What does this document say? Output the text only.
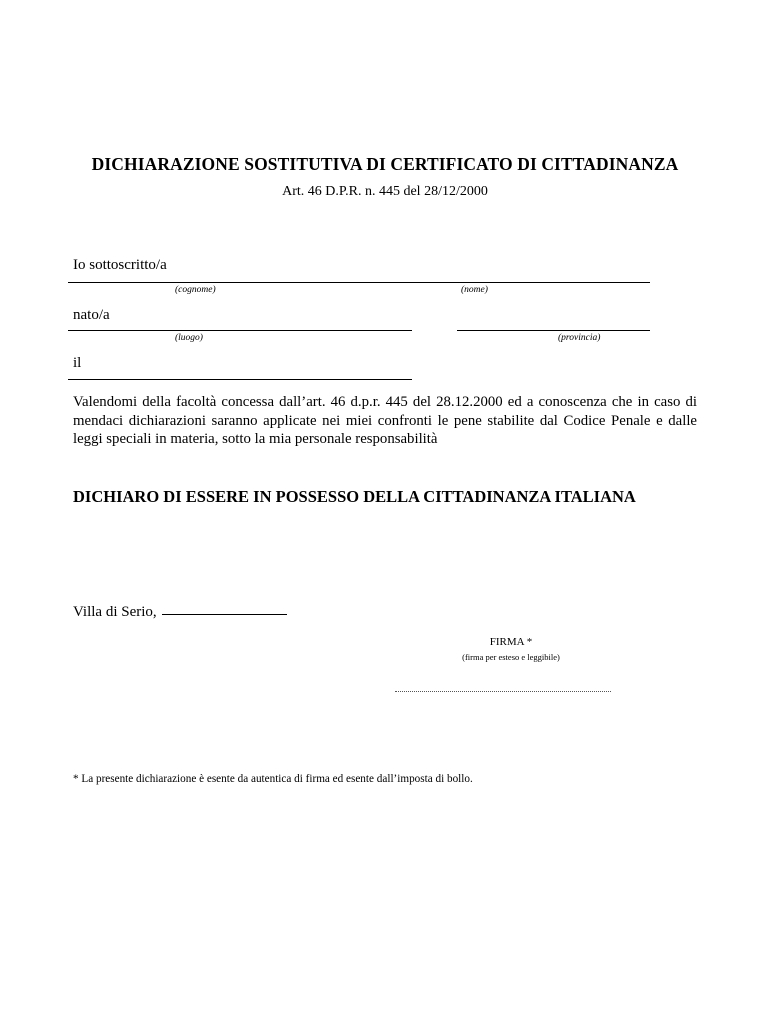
DICHIARAZIONE SOSTITUTIVA DI CERTIFICATO DI CITTADINANZA
Art. 46 D.P.R. n. 445 del 28/12/2000
Io sottoscritto/a
(cognome)	(nome)
nato/a
(luogo)	(provincia)
il
Valendomi della facoltà concessa dall’art. 46 d.p.r. 445 del 28.12.2000 ed a conoscenza che in caso di mendaci dichiarazioni saranno applicate nei miei confronti le pene stabilite dal Codice Penale e dalle leggi speciali in materia, sotto la mia personale responsabilità
DICHIARO DI ESSERE IN POSSESSO DELLA CITTADINANZA ITALIANA
Villa di Serio,
FIRMA *
(firma per esteso e leggibile)
* La presente dichiarazione è esente da autentica di firma ed esente dall’imposta di bollo.
